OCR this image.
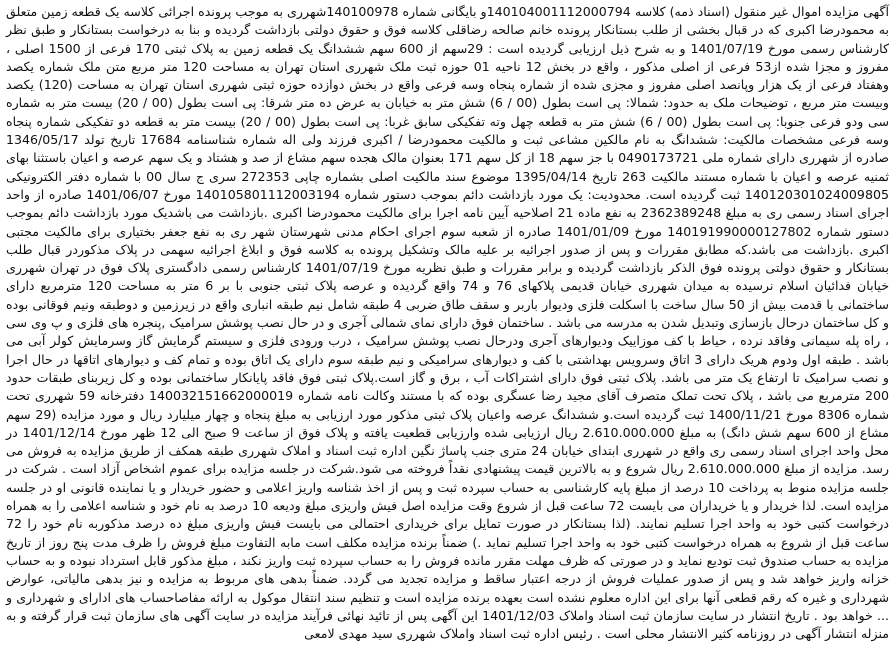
آگهی مزایده اموال غیر منقول (اسناد ذمه) کلاسه 140104001112000794و بایگانی شماره 140100978شهرری به موجب پرونده اجرائی کلاسه یک قطعه زمین متعلق به محمودرضا اکبری که در قبال بخشی از طلب بستانکار پرونده خانم صالحه رضاقلی کلاسه فوق و حقوق دولتی بازداشت گردیده و بنا به درخواست بستانکار و طبق نظر کارشناس رسمی مورخ 1401/07/19 و به شرح ذیل ارزیابی گردیده است : 29سهم از 600 سهم ششدانگ یک قطعه زمین به پلاک ثبتی 170 فرعی از 1500 اصلی ، مفروز و مجزا شده از53 فرعی از اصلی مذکور ، واقع در بخش 12 ناحیه 01 حوزه ثبت ملک شهرری استان تهران به مساحت 120 متر مربع متن ملک شماره یکصد وهفتاد فرعی از یک هزار وپانصد اصلی مفروز و مجزی شده از شماره پنجاه وسه فرعی واقع در بخش دوازده حوزه ثبتی شهرری استان تهران به مساحت (120) یکصد وبیست متر مربع ، توضیحات ملک به حدود: شمالا: پی است بطول (00 / 6) شش متر به خیابان به عرض ده متر شرقا: پی است بطول (00 / 20) بیست متر به شماره سی ودو فرعی جنوبا: پی است بطول (00 / 6) شش متر به قطعه چهل وته تفکیکی سابق غربا: پی است بطول (00 / 20) بیست متر به قطعه دو تفکیکی شماره پنجاه وسه فرعی مشخصات مالکیت: ششدانگ به نام مالکین مشاعی ثبت و مالکیت محمودرضا / اکبری فرزند ولی اله شماره شناسنامه 17684 تاریخ تولد 1346/05/17 صادره از شهرری دارای شماره ملی 0490173721 با جز سهم 18 از کل سهم 171 بعنوان مالک هجده سهم مشاع از صد و هشتاد و یک سهم عرصه و اعیان باستثنا بهای ثمنیه عرصه و اعیان با شماره مستند مالکیت 263 تاریخ 1395/04/14 موضوع سند مالکیت اصلی بشماره چاپی 272353 سری ج سال 00 با شماره دفتر الکترونیکی 140120301024009805 ثبت گردیده است. محدودیت: یک مورد بازداشت دائم بموجب دستور شماره 140105801112003194 مورخ 1401/06/07 صادره از واحد اجرای اسناد رسمی ری به مبلغ 2362389248 به نفع ماده 21 اصلاحیه آیین نامه اجرا برای مالکیت محمودرضا اکبری .بازداشت می باشدیک مورد بازداشت دائم بموجب دستور شماره 140191990000127802 مورخ 1401/01/09 صادره از شعبه سوم اجرای احکام مدنی شهرستان شهر ری به نفع جعفر بختیاری برای مالکیت مجتبی اکبری .بازداشت می باشد.که مطابق مقررات و پس از صدور اجرائیه بر علیه مالک وتشکیل پرونده به کلاسه فوق و ابلاغ اجرائیه سهمی در پلاک مذکوردر قبال طلب بستانکار و حقوق دولتی پرونده فوق الذکر بازداشت گردیده و برابر مقررات و طبق نظریه مورخ 1401/07/19 کارشناس رسمی دادگستری پلاک فوق در تهران شهرری خیابان فدائیان اسلام نرسیده به میدان شهرری خیابان قدیمی پلاکهای 76 و 74 واقع گردیده و عرصه پلاک ثبتی جنوبی با بر 6 متر به مساحت 120 مترمربع دارای ساختمانی با قدمت بیش از 50 سال ساخت با اسکلت فلزی ودیوار باربر و سقف طاق ضربی 4 طبقه شامل نیم طبقه انباری واقع در زیرزمین و دوطبقه ونیم فوقانی بوده و کل ساختمان درحال بازسازی وتبدیل شدن به مدرسه می باشد . ساختمان فوق دارای نمای شمالی آجری و در حال نصب پوشش سرامیک ,پنجره های فلزی و پ وی سی ، راه پله سیمانی وفاقد نرده ، حیاط با کف موزاییک ودیوارهای آجری ودرحال نصب پوشش سرامیک ، درب ورودی فلزی و سیستم گرمایش گاز وسرمایش کولر آبی می باشد . طبقه اول ودوم هریک دارای 3 اتاق وسرویس بهداشتی با کف و دیوارهای سرامیکی و نیم طبقه سوم دارای یک اتاق بوده و تمام کف و دیوارهای اتاقها در حال اجرا و نصب سرامیک تا ارتفاع یک متر می باشد. پلاک ثبتی فوق دارای اشتراکات آب ، برق و گاز است.پلاک ثبتی فوق فاقد پایانکار ساختمانی بوده و کل زیربنای طبقات حدود 200 مترمربع می باشد ، پلاک تحت تملک متصرف آقای مجید رضا عسگری بوده که با مستند وکالت نامه شماره 140032151662000019 دفترخانه 59 شهرری تحت شماره 8306 مورخ 1400/11/21 ثبت گردیده است.و ششدانگ عرصه واعیان پلاک ثبتی مذکور مورد ارزیابی به مبلغ پنجاه و چهار میلیارد ریال و مورد مزایده (29 سهم مشاع از 600 سهم شش دانگ) به مبلغ 2.610.000.000 ریال ارزیابی شده وارزیابی قطعیت یافته و پلاک فوق از ساعت 9 صبح الی 12 ظهر مورخ 1401/12/14 در محل واحد اجرای اسناد رسمی ری واقع در شهرری ابتدای خیابان 24 متری جنب پاساژ نگین اداره ثبت اسناد و املاک شهرری طبقه همکف از طریق مزایده به فروش می رسد. مزایده از مبلغ 2.610.000.000 ریال شروع و به بالاترین قیمت پیشنهادی نقداً فروخته می شود.شرکت در جلسه مزایده برای عموم اشخاص آزاد است . شرکت در جلسه مزایده منوط به پرداخت 10 درصد از مبلغ پایه کارشناسی به حساب سپرده ثبت و پس از اخذ شناسه واریز اعلامی و حضور خریدار و یا نماینده قانونی او در جلسه مزایده است. لذا خریدار و یا خریداران می بایست 72 ساعت قبل از شروع وقت مزایده اصل فیش واریزی مبلغ ودیعه 10 درصد به نام خود و شناسه اعلامی را به همراه درخواست کتبی خود به واحد اجرا تسلیم نمایند. (لذا بستانکار در صورت تمایل برای خریداری احتمالی می بایست فیش واریزی مبلغ ده درصد مذکوربه نام خود را 72 ساعت قبل از شروع به همراه درخواست کتبی خود به واحد اجرا تسلیم نماید .) ضمناً برنده مزایده مکلف است مابه التفاوت مبلغ فروش را ظرف مدت پنج روز از تاریخ مزایده به حساب صندوق ثبت تودیع نماید و در صورتی که ظرف مهلت مقرر مانده فروش را به حساب سپرده ثبت واریز نکند ، مبلغ مذکور قابل استرداد نبوده و به حساب خزانه واریز خواهد شد و پس از صدور عملیات فروش از درجه اعتبار ساقط و مزایده تجدید می گردد. ضمناً بدهی های مربوط به مزایده و نیز بدهی مالیاتی، عوارض شهرداری و غیره که رقم قطعی آنها برای این اداره معلوم نشده است بعهده برنده مزایده است و تنظیم سند انتقال موکول به ارائه مفاصاحساب های ادارای و شهرداری و ... خواهد بود . تاریخ انتشار در سایت سازمان ثبت اسناد واملاک 1401/12/03 این آگهی پس از تائید نهائی فرآیند مزایده در سایت آگهی های سازمان ثبت قرار گرفته و به منزله انتشار آگهی در روزنامه کثیر الانتشار محلی است . رئیس اداره ثبت اسناد واملاک شهرری سید مهدی لامعی
